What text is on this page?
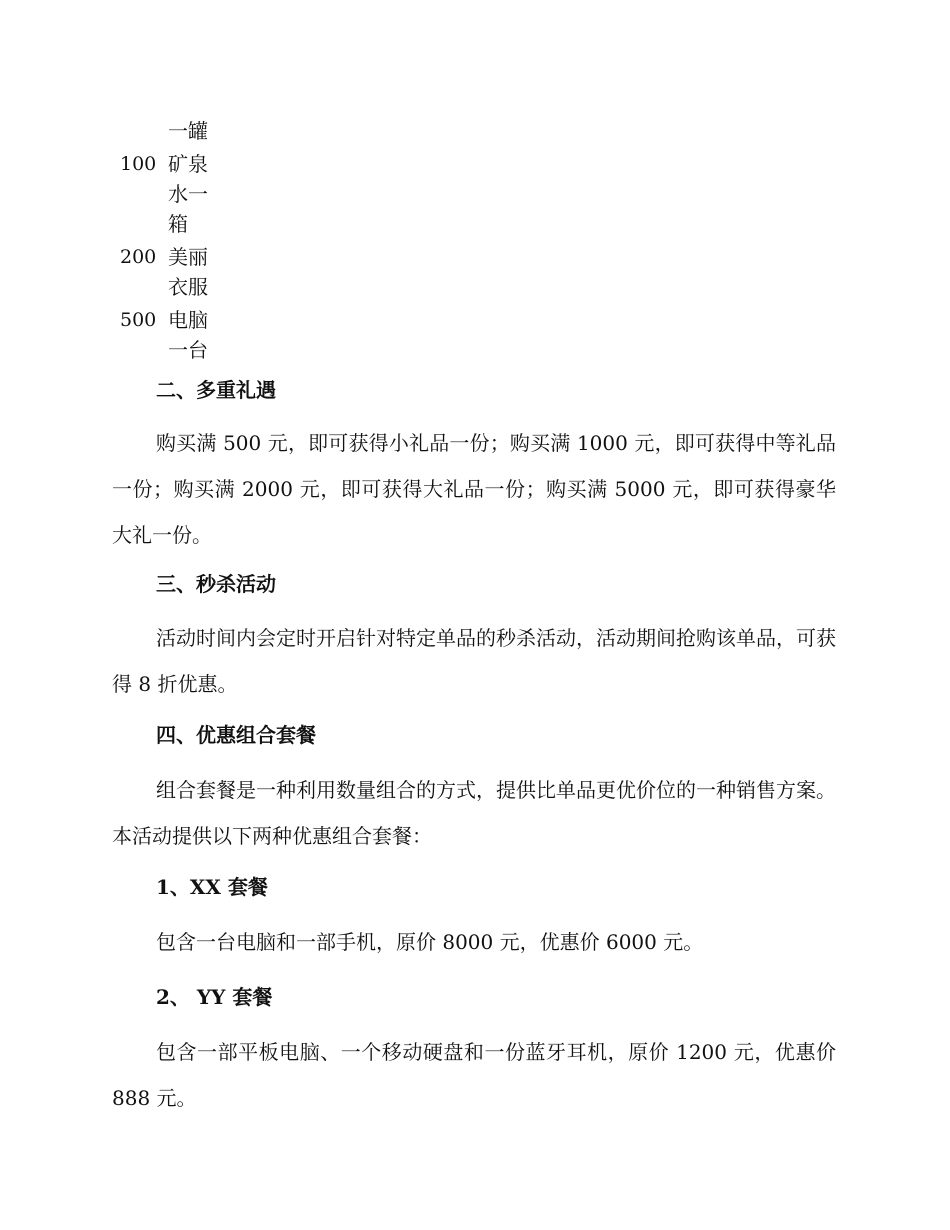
一罐
100 矿泉水一箱
200 美丽衣服
500 电脑一台
二、多重礼遇

购买满 500 元，即可获得小礼品一份；购买满 1000 元，即可获得中等礼品一份；购买满 2000 元，即可获得大礼品一份；购买满 5000 元，即可获得豪华大礼一份。

三、秒杀活动

活动时间内会定时开启针对特定单品的秒杀活动，活动期间抢购该单品，可获得 8 折优惠。

四、优惠组合套餐

组合套餐是一种利用数量组合的方式，提供比单品更优价位的一种销售方案。本活动提供以下两种优惠组合套餐：

1、XX 套餐

包含一台电脑和一部手机，原价 8000 元，优惠价 6000 元。

2、 YY 套餐

包含一部平板电脑、一个移动硬盘和一份蓝牙耳机，原价 1200 元，优惠价 888 元。
